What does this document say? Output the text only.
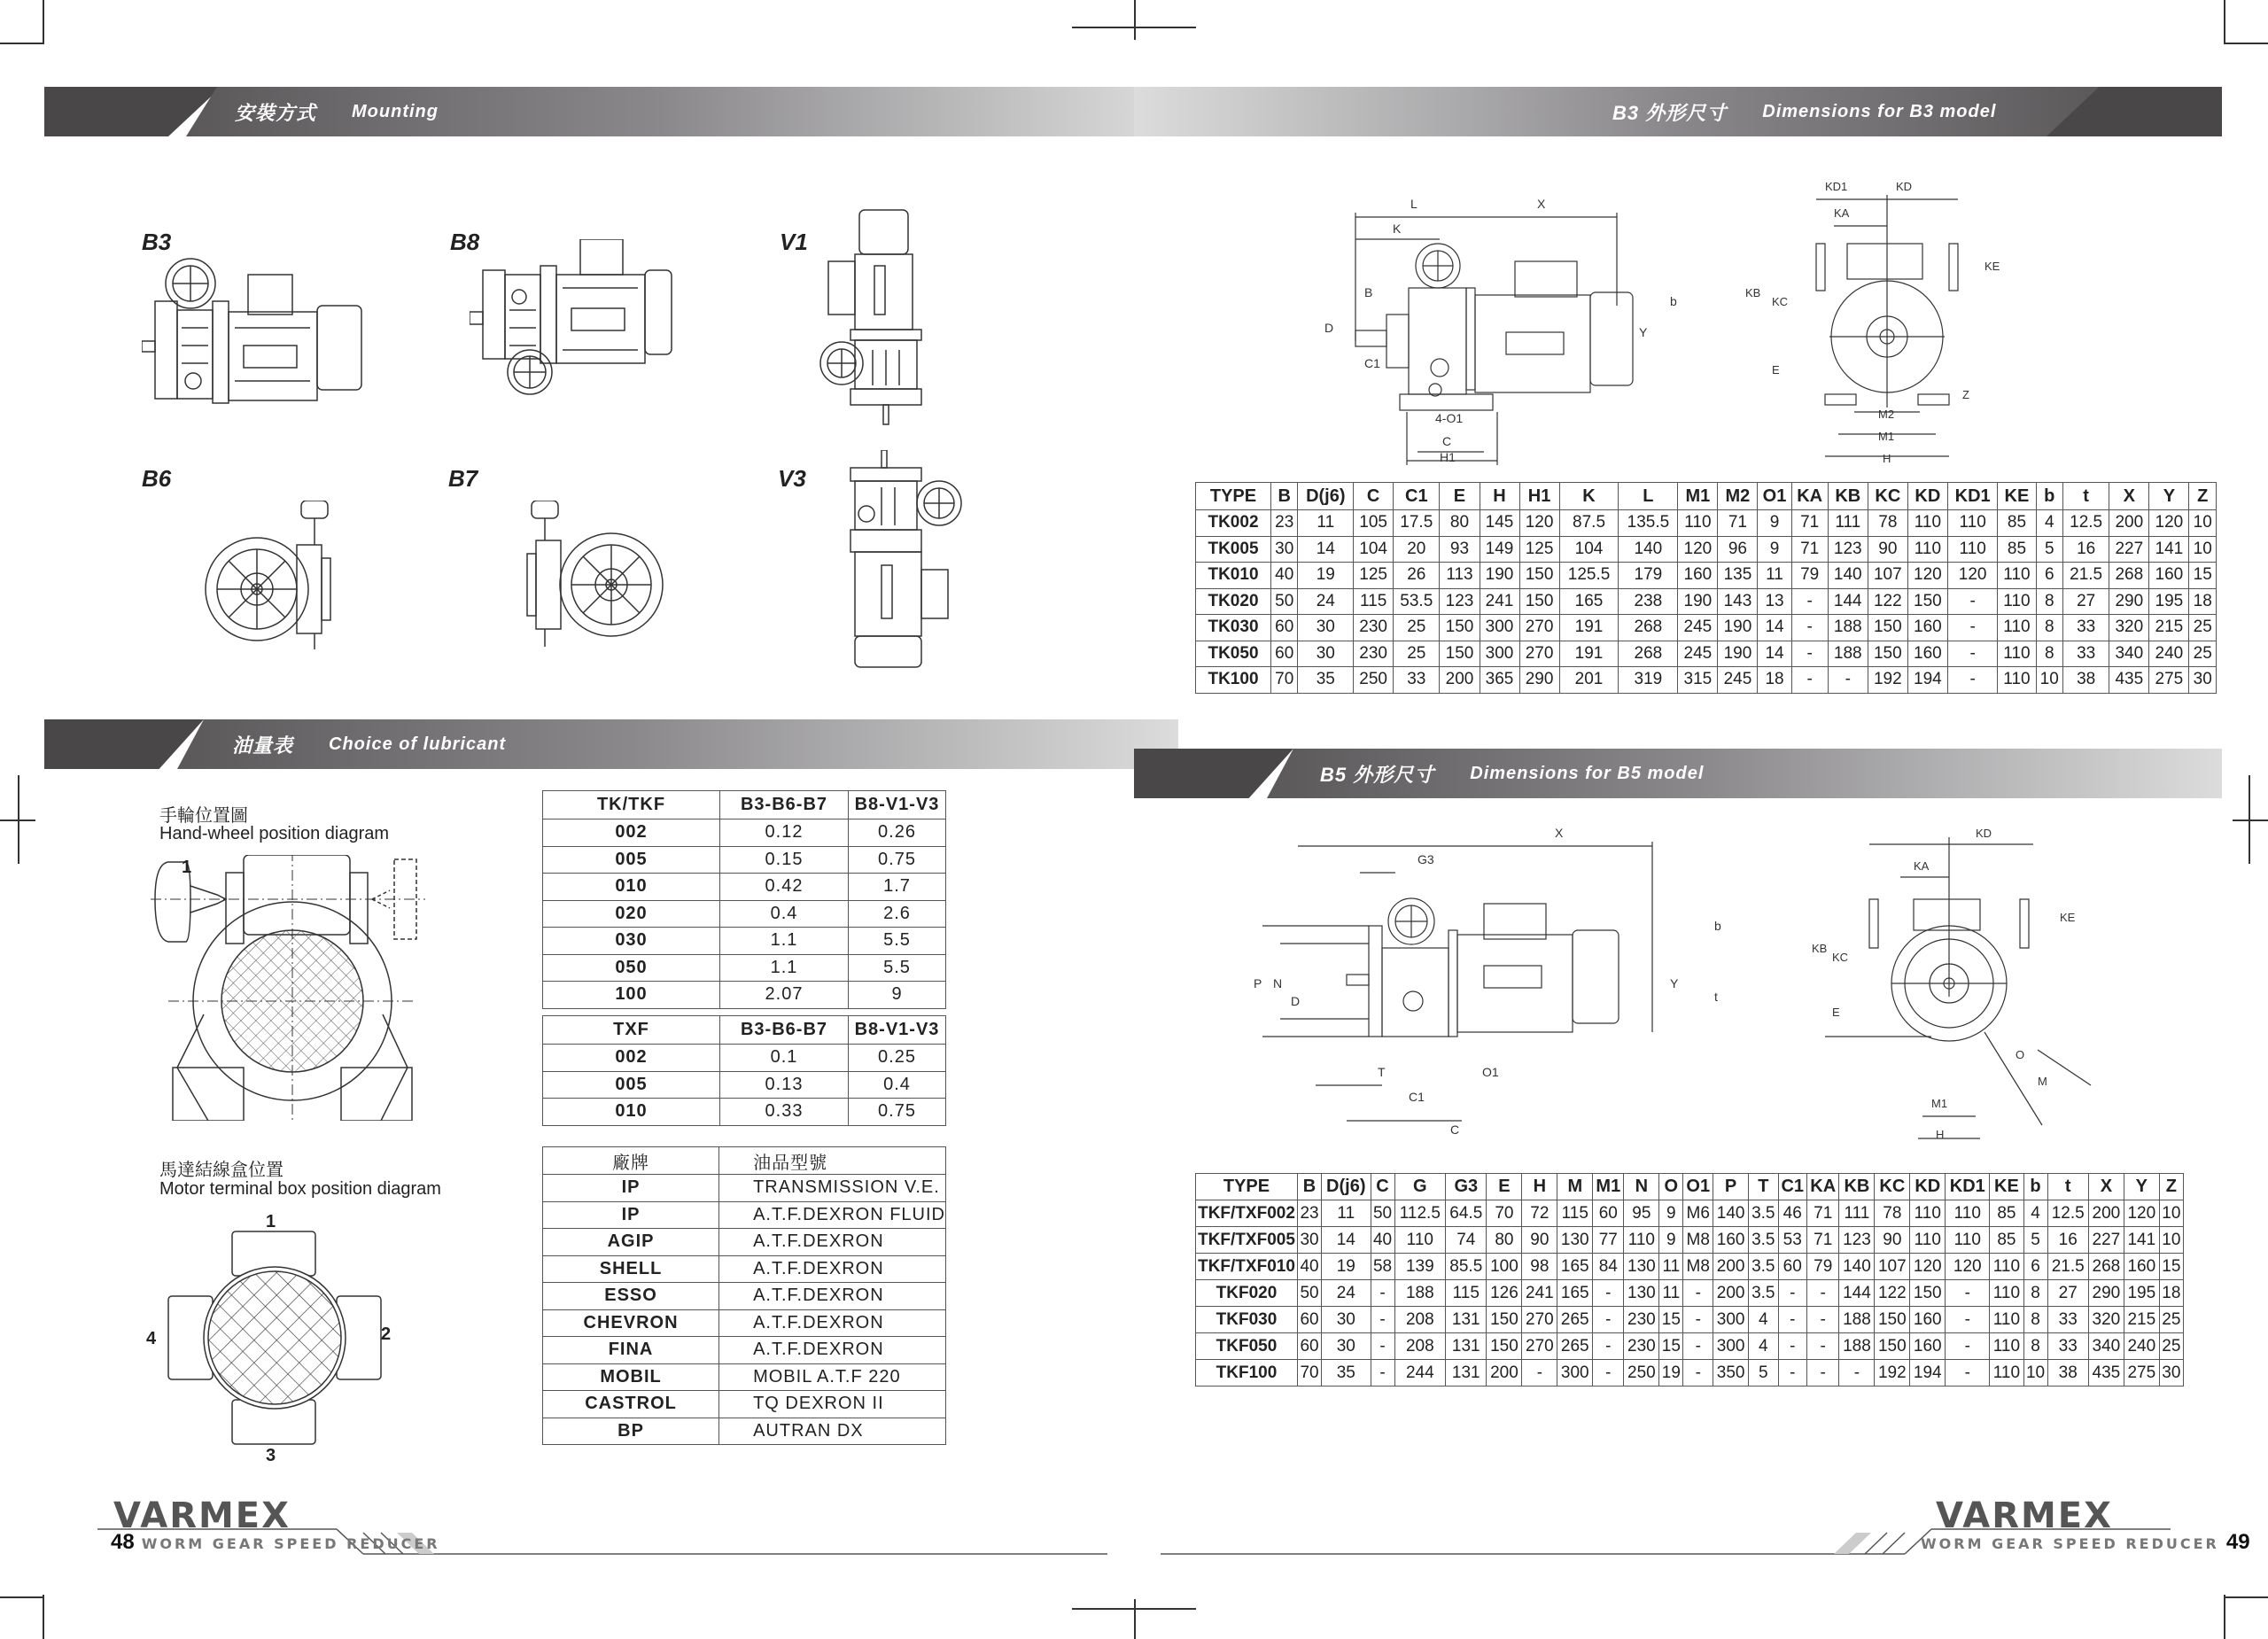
安裝方式 Mounting
B3	B8	V1
B6	B7	V3
油量表 Choice of lubricant
手輪位置圖
Hand-wheel position diagram
1
馬達結線盒位置
Motor terminal box position diagram
1
2
3
4
TK/TKF	B3-B6-B7	B8-V1-V3
002	0.12	0.26
005	0.15	0.75
010	0.42	1.7
020	0.4	2.6
030	1.1	5.5
050	1.1	5.5
100	2.07	9
TXF	B3-B6-B7	B8-V1-V3
002	0.1	0.25
005	0.13	0.4
010	0.33	0.75
廠牌	油品型號
IP	TRANSMISSION V.E.
IP	A.T.F.DEXRON FLUID
AGIP	A.T.F.DEXRON
SHELL	A.T.F.DEXRON
ESSO	A.T.F.DEXRON
CHEVRON	A.T.F.DEXRON
FINA	A.T.F.DEXRON
MOBIL	MOBIL A.T.F 220
CASTROL	TQ DEXRON II
BP	AUTRAN DX
VARMEX
48 WORM GEAR SPEED REDUCER
B3 外形尺寸 Dimensions for B3 model
L
K
X
B
D
C1
Y
b
4-O1
C
H1
KD1	KD
KA
KB
KC
KE
E
Z
M2
M1
H
TYPE	B	D(j6)	C	C1	E	H	H1	K	L	M1	M2	O1	KA	KB	KC	KD	KD1	KE	b	t	X	Y	Z
TK002	23	11	105	17.5	80	145	120	87.5	135.5	110	71	9	71	111	78	110	110	85	4	12.5	200	120	10
TK005	30	14	104	20	93	149	125	104	140	120	96	9	71	123	90	110	110	85	5	16	227	141	10
TK010	40	19	125	26	113	190	150	125.5	179	160	135	11	79	140	107	120	120	110	6	21.5	268	160	15
TK020	50	24	115	53.5	123	241	150	165	238	190	143	13	-	144	122	150	-	110	8	27	290	195	18
TK030	60	30	230	25	150	300	270	191	268	245	190	14	-	188	150	160	-	110	8	33	320	215	25
TK050	60	30	230	25	150	300	270	191	268	245	190	14	-	188	150	160	-	110	8	33	340	240	25
TK100	70	35	250	33	200	365	290	201	319	315	245	18	-	-	192	194	-	110	10	38	435	275	30
B5 外形尺寸 Dimensions for B5 model
X
G3
P N
D
Y
b
t
T	O1
C1
C
KD
KA
KB
KC
KE
E
O
M
M1
H
TYPE	B	D(j6)	C	G	G3	E	H	M	M1	N	O	O1	P	T	C1	KA	KB	KC	KD	KD1	KE	b	t	X	Y	Z
TKF/TXF002	23	11	50	112.5	64.5	70	72	115	60	95	9	M6	140	3.5	46	71	111	78	110	110	85	4	12.5	200	120	10
TKF/TXF005	30	14	40	110	74	80	90	130	77	110	9	M8	160	3.5	53	71	123	90	110	110	85	5	16	227	141	10
TKF/TXF010	40	19	58	139	85.5	100	98	165	84	130	11	M8	200	3.5	60	79	140	107	120	120	110	6	21.5	268	160	15
TKF020	50	24	-	188	115	126	241	165	-	130	11	-	200	3.5	-	-	144	122	150	-	110	8	27	290	195	18
TKF030	60	30	-	208	131	150	270	265	-	230	15	-	300	4	-	-	188	150	160	-	110	8	33	320	215	25
TKF050	60	30	-	208	131	150	270	265	-	230	15	-	300	4	-	-	188	150	160	-	110	8	33	340	240	25
TKF100	70	35	-	244	131	200	-	300	-	250	19	-	350	5	-	-	-	192	194	-	110	10	38	435	275	30
VARMEX
WORM GEAR SPEED REDUCER 49
